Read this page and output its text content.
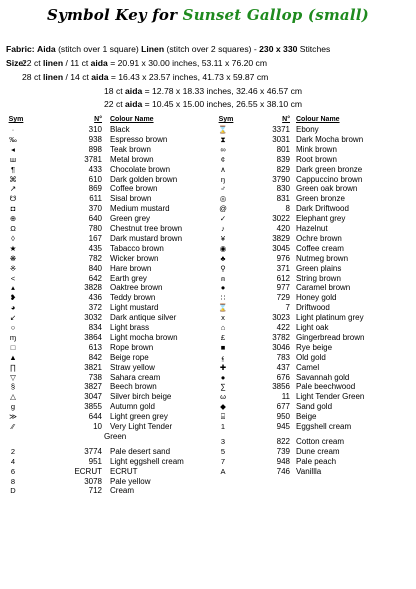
Symbol Key for Sunset Gallop (small)
Fabric: Aida (stitch over 1 square) Linen (stitch over 2 squares) - 230 x 330 Stitches
Size:
22 ct linen / 11 ct aida = 20.91 x 30.00 inches, 53.11 x 76.20 cm
28 ct linen / 14 ct aida = 16.43 x 23.57 inches, 41.73 x 59.87 cm
18 ct aida = 12.78 x 18.33 inches, 32.46 x 46.57 cm
22 ct aida = 10.45 x 15.00 inches, 26.55 x 38.10 cm
Sym	N° Colour Name	Sym	N° Colour Name
·	310 Black
‰	938 Espresso brown
◂	898 Teak brown
ш	3781 Metal brown
¶	433 Chocolate brown
⌘	610 Dark golden brown
↗	869 Coffee brown
☋	611 Sisal brown
◘	370 Medium mustard
⊕	640 Green grey
Ω	780 Chestnut tree brown
◊	167 Dark mustard brown
★	435 Tabacco brown
❋	782 Wicker brown
※	840 Hare brown
<	642 Earth grey
▴	3828 Oaktree brown
❥	436 Teddy brown
◕	372 Light mustard
↙	3032 Dark antique silver
○	834 Light brass
ɱ	3864 Light mocha brown
□	613 Rope brown
▲	842 Beige rope
∏	3821 Straw yellow
▽	738 Sahara cream
§	3827 Beech brown
△	3047 Silver birch beige
ɡ	3855 Autumn gold
≫	644 Light green grey
⁄⁄	10 Very Light Tender
Green
2	3774 Pale desert sand
4	951 Light eggshell cream
6	ECRUT ECRUT
8	3078 Pale yellow
D	712 Cream
⌛	3371 Ebony
⧗	3031 Dark Mocha brown
∞	801 Mink brown
¢	839 Root brown
∧	829 Dark green bronze
ŋ	3790 Cappuccino brown
♂	830 Green oak brown
◎	831 Green bronze
@	8 Dark Driftwood
✓	3022 Elephant grey
♪	420 Hazelnut
¥	3829 Ochre brown
◉	3045 Coffee cream
♣	976 Nutmeg brown
⚲	371 Green plains
⍝	612 String brown
●	977 Caramel brown
∷	729 Honey gold
⌛	7 Driftwood
x	3023 Light platinum grey
⌂	422 Light oak
£	3782 Gingerbread brown
■	3046 Rye beige
⍷	783 Old gold
✚	437 Camel
●	676 Savannah gold
∑	3856 Pale beechwood
ω	11 Light Tender Green
◆	677 Sand gold
⌸	950 Beige
1	945 Eggshell cream
3	822 Cotton cream
5	739 Dune cream
7	948 Pale peach
A	746 Vanillla
